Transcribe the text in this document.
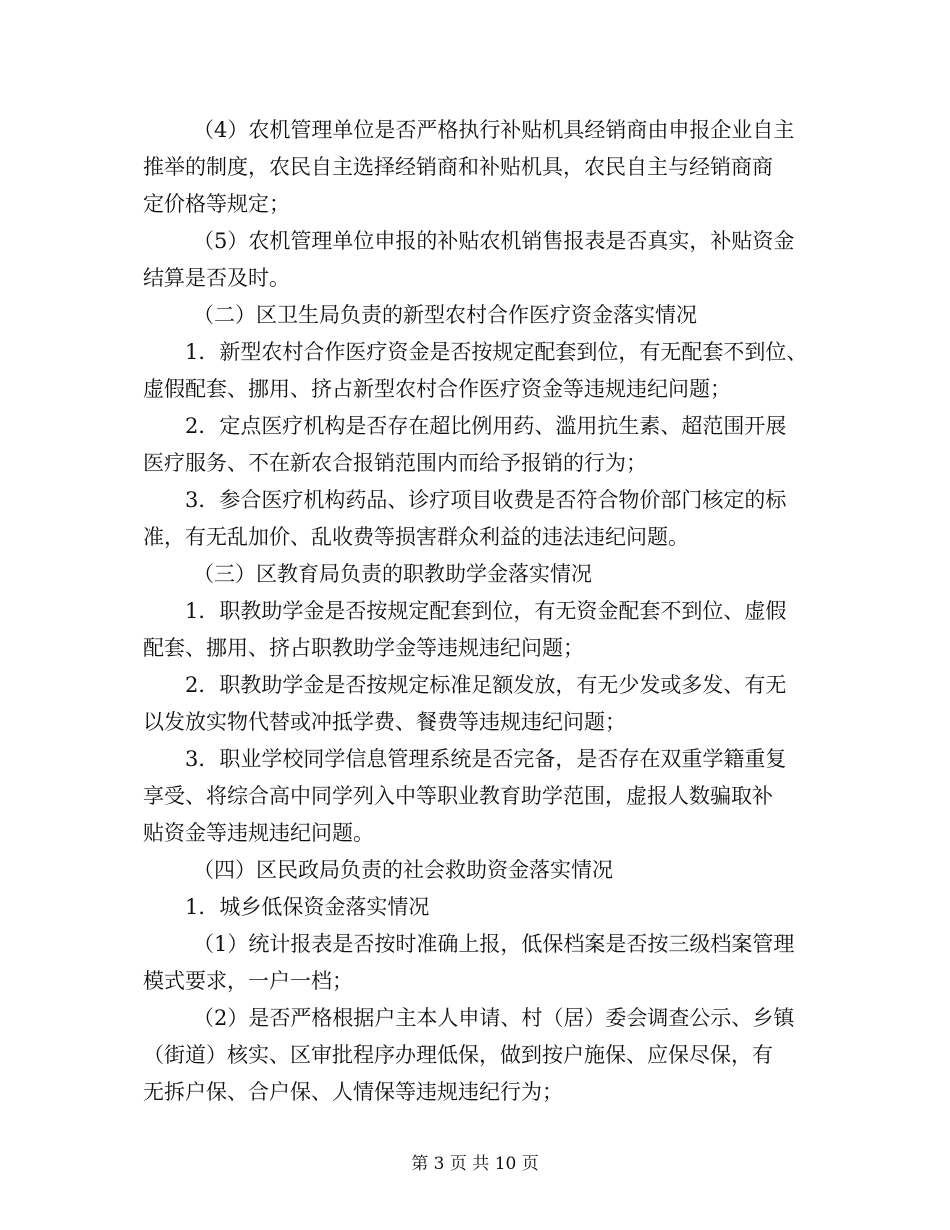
（4）农机管理单位是否严格执行补贴机具经销商由申报企业自主
推举的制度，农民自主选择经销商和补贴机具，农民自主与经销商商
定价格等规定；
（5）农机管理单位申报的补贴农机销售报表是否真实，补贴资金
结算是否及时。
（二）区卫生局负责的新型农村合作医疗资金落实情况
1．新型农村合作医疗资金是否按规定配套到位，有无配套不到位、
虚假配套、挪用、挤占新型农村合作医疗资金等违规违纪问题；
2．定点医疗机构是否存在超比例用药、滥用抗生素、超范围开展
医疗服务、不在新农合报销范围内而给予报销的行为；
3．参合医疗机构药品、诊疗项目收费是否符合物价部门核定的标
准，有无乱加价、乱收费等损害群众利益的违法违纪问题。
（三）区教育局负责的职教助学金落实情况
1．职教助学金是否按规定配套到位，有无资金配套不到位、虚假
配套、挪用、挤占职教助学金等违规违纪问题；
2．职教助学金是否按规定标准足额发放，有无少发或多发、有无
以发放实物代替或冲抵学费、餐费等违规违纪问题；
3．职业学校同学信息管理系统是否完备，是否存在双重学籍重复
享受、将综合高中同学列入中等职业教育助学范围，虚报人数骗取补
贴资金等违规违纪问题。
（四）区民政局负责的社会救助资金落实情况
1．城乡低保资金落实情况
（1）统计报表是否按时准确上报，低保档案是否按三级档案管理
模式要求，一户一档；
（2）是否严格根据户主本人申请、村（居）委会调查公示、乡镇
（街道）核实、区审批程序办理低保，做到按户施保、应保尽保，有
无拆户保、合户保、人情保等违规违纪行为；
第 3 页 共 10 页
